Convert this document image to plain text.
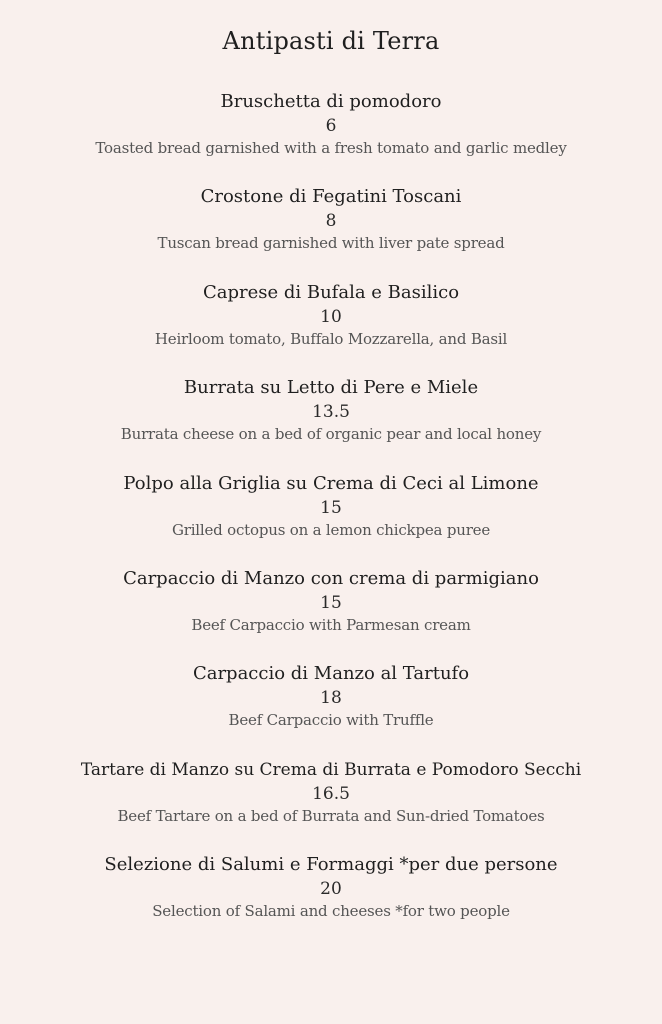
Antipasti di Terra
Bruschetta di pomodoro
6
Toasted bread garnished with a fresh tomato and garlic medley
Crostone di Fegatini Toscani
8
Tuscan bread garnished with liver pate spread
Caprese di Bufala e Basilico
10
Heirloom tomato, Buffalo Mozzarella, and Basil
Burrata su Letto di Pere e Miele
13.5
Burrata cheese on a bed of organic pear and local honey
Polpo alla Griglia su Crema di Ceci al Limone
15
Grilled octopus on a lemon chickpea puree
Carpaccio di Manzo con crema di parmigiano
15
Beef Carpaccio with Parmesan cream
Carpaccio di Manzo al Tartufo
18
Beef Carpaccio with Truffle
Tartare di Manzo su Crema di Burrata e Pomodoro Secchi
16.5
Beef Tartare on a bed of Burrata and Sun-dried Tomatoes
Selezione di Salumi e Formaggi *per due persone
20
Selection of Salami and cheeses *for two people
